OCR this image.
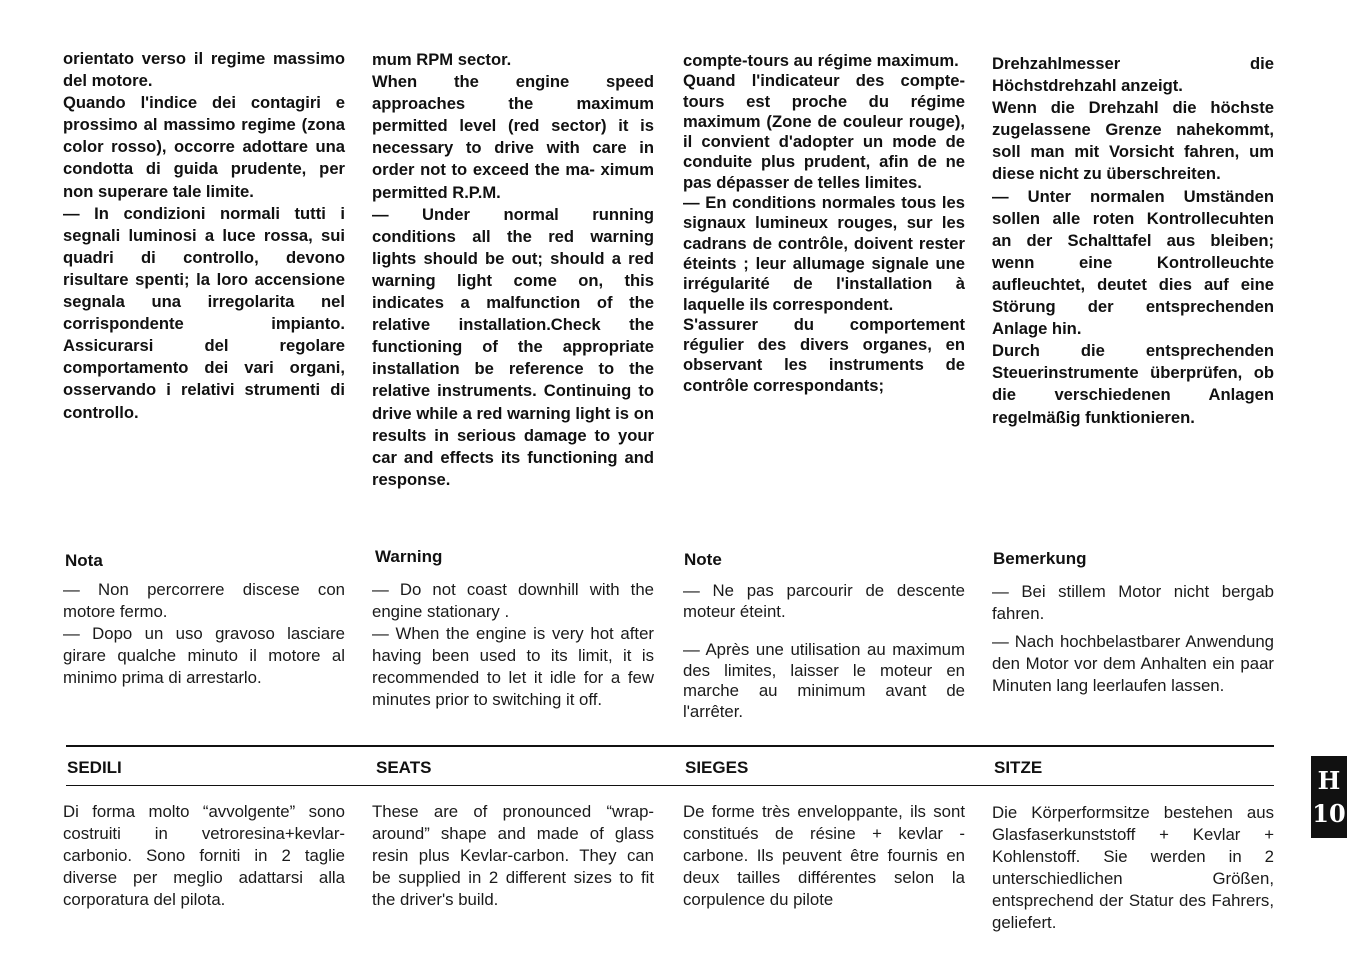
orientato verso il regime massimo del motore.

Quando l'indice dei contagiri e prossimo al massimo regime (zona color rosso), occorre adottare una condotta di guida prudente, per non superare tale limite.

— In condizioni normali tutti i segnali luminosi a luce rossa, sui quadri di controllo, devono risultare spenti; la loro accensione segnala una irregolarita nel corrispondente impianto. Assicurarsi del regolare comportamento dei vari organi, osservando i relativi strumenti di controllo.

mum RPM sector.

When the engine speed approaches the maximum permitted level (red sector) it is necessary to drive with care in order not to exceed the ma- ximum permitted R.P.M.

— Under normal running conditions all the red warning lights should be out; should a red warning light come on, this indicates a malfunction of the relative installation.Check the functioning of the appropriate installation be reference to the relative instruments. Continuing to drive while a red warning light is on results in serious damage to your car and effects its functioning and response.

compte-tours au régime maximum.

Quand l'indicateur des compte-tours est proche du régime maximum (Zone de couleur rouge), il convient d'adopter un mode de conduite plus prudent, afin de ne pas dépasser de telles limites.

— En conditions normales tous les signaux lumineux rouges, sur les cadrans de contrôle, doivent rester éteints ; leur allumage signale une irrégularité de l'installation à laquelle ils correspondent.

S'assurer du comportement régulier des divers organes, en observant les instruments de contrôle correspondants;

Drehzahlmesser die Höchstdrehzahl anzeigt.

Wenn die Drehzahl die höchste zugelassene Grenze nahekommt, soll man mit Vorsicht fahren, um diese nicht zu überschreiten.

— Unter normalen Umständen sollen alle roten Kontrollecuhten an der Schalttafel aus bleiben; wenn eine Kontrolleuchte aufleuchtet, deutet dies auf eine Störung der entsprechenden Anlage hin.

Durch die entsprechenden Steuerinstrumente überprüfen, ob die verschiedenen Anlagen regelmäßig funktionieren.

Nota	Warning	Note	Bemerkung

— Non percorrere discese con motore fermo.

— Dopo un uso gravoso lasciare girare qualche minuto il motore al minimo prima di arrestarlo.

— Do not coast downhill with the engine stationary .

— When the engine is very hot after having been used to its limit, it is recommended to let it idle for a few minutes prior to switching it off.

— Ne pas parcourir de descente moteur éteint.

— Après une utilisation au maximum des limites, laisser le moteur en marche au minimum avant de l'arrêter.

— Bei stillem Motor nicht bergab fahren.

— Nach hochbelastbarer Anwendung den Motor vor dem Anhalten ein paar Minuten lang leerlaufen lassen.

SEDILI	SEATS	SIEGES	SITZE
Di forma molto “avvolgente” sono costruiti in vetroresina+kevlar-carbonio. Sono forniti in 2 taglie diverse per meglio adattarsi alla corporatura del pilota.
These are of pronounced “wrap-around” shape and made of glass resin plus Kevlar-carbon. They can be supplied in 2 different sizes to fit the driver's build.
De forme très enveloppante, ils sont constitués de résine + kevlar - carbone. Ils peuvent être fournis en deux tailles différentes selon la corpulence du pilote
Die Körperformsitze bestehen aus Glasfaserkunststoff + Kevlar + Kohlenstoff. Sie werden in 2 unterschiedlichen Größen, entsprechend der Statur des Fahrers, geliefert.
H
10
